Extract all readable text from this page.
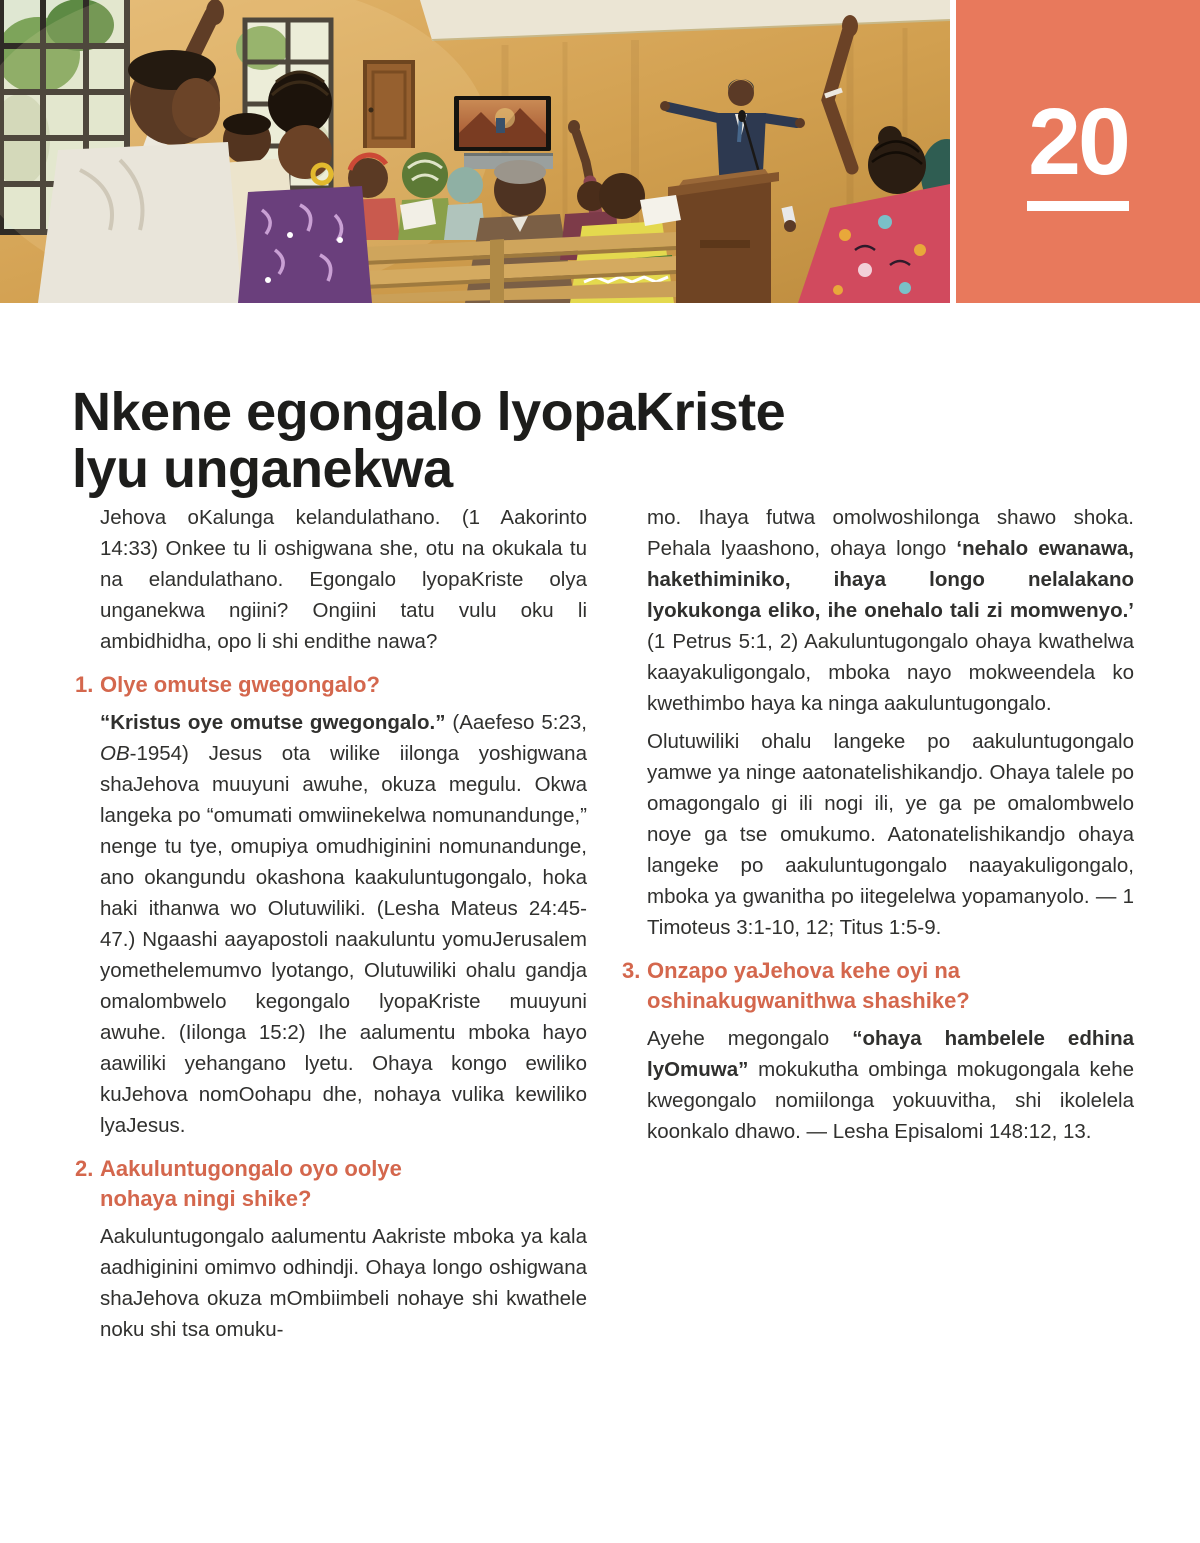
20
Nkene egongalo lyopaKriste
lyu unganekwa

Jehova oKalunga kelandulathano. (1 Aakorinto 14:33) Onkee tu li oshigwana she, otu na okukala tu na elandulathano. Egongalo lyopaKriste olya unganekwa ngiini? Ongiini tatu vulu oku li ambidhidha, opo li shi endithe nawa?

1. Olye omutse gwegongalo?

“Kristus oye omutse gwegongalo.” (Aaefeso 5:23, OB-1954) Jesus ota wilike iilonga yoshigwana shaJehova muuyuni awuhe, okuza megulu. Okwa langeka po “omumati omwiinekelwa nomunandunge,” nenge tu tye, omupiya omudhiginini nomunandunge, ano okangundu okashona kaakuluntugongalo, hoka haki ithanwa wo Olutuwiliki. (Lesha Mateus 24:45-47.) Ngaashi aayapostoli naakuluntu yomuJerusalem yomethelemumvo lyotango, Olutuwiliki ohalu gandja omalombwelo kegongalo lyopaKriste muuyuni awuhe. (Iilonga 15:2) Ihe aalumentu mboka hayo aawiliki yehangano lyetu. Ohaya kongo ewiliko kuJehova nomOohapu dhe, nohaya vulika kewiliko lyaJesus.

2. Aakuluntugongalo oyo oolye
nohaya ningi shike?

Aakuluntugongalo aalumentu Aakriste mboka ya kala aadhiginini omimvo odhindji. Ohaya longo oshigwana shaJehova okuza mOmbiimbeli nohaye shi kwathele noku shi tsa omuku-

mo. Ihaya futwa omolwoshilonga shawo shoka. Pehala lyaashono, ohaya longo ‘nehalo ewanawa, hakethiminiko, ihaya longo nelalakano lyokukonga eliko, ihe onehalo tali zi momwenyo.’ (1 Petrus 5:1, 2) Aakuluntugongalo ohaya kwathelwa kaayakuligongalo, mboka nayo mokweendela ko kwethimbo haya ka ninga aakuluntugongalo.

Olutuwiliki ohalu langeke po aakuluntugongalo yamwe ya ninge aatonatelishikandjo. Ohaya talele po omagongalo gi ili nogi ili, ye ga pe omalombwelo noye ga tse omukumo. Aatonatelishikandjo ohaya langeke po aakuluntugongalo naayakuligongalo, mboka ya gwanitha po iitegelelwa yopamanyolo. — 1 Timoteus 3:1-10, 12; Titus 1:5-9.

3. Onzapo yaJehova kehe oyi na
oshinakugwanithwa shashike?

Ayehe megongalo “ohaya hambelele edhina lyOmuwa” mokukutha ombinga mokugongala kehe kwegongalo nomiilonga yokuuvitha, shi ikolelela koonkalo dhawo. — Lesha Episalomi 148:12, 13.
